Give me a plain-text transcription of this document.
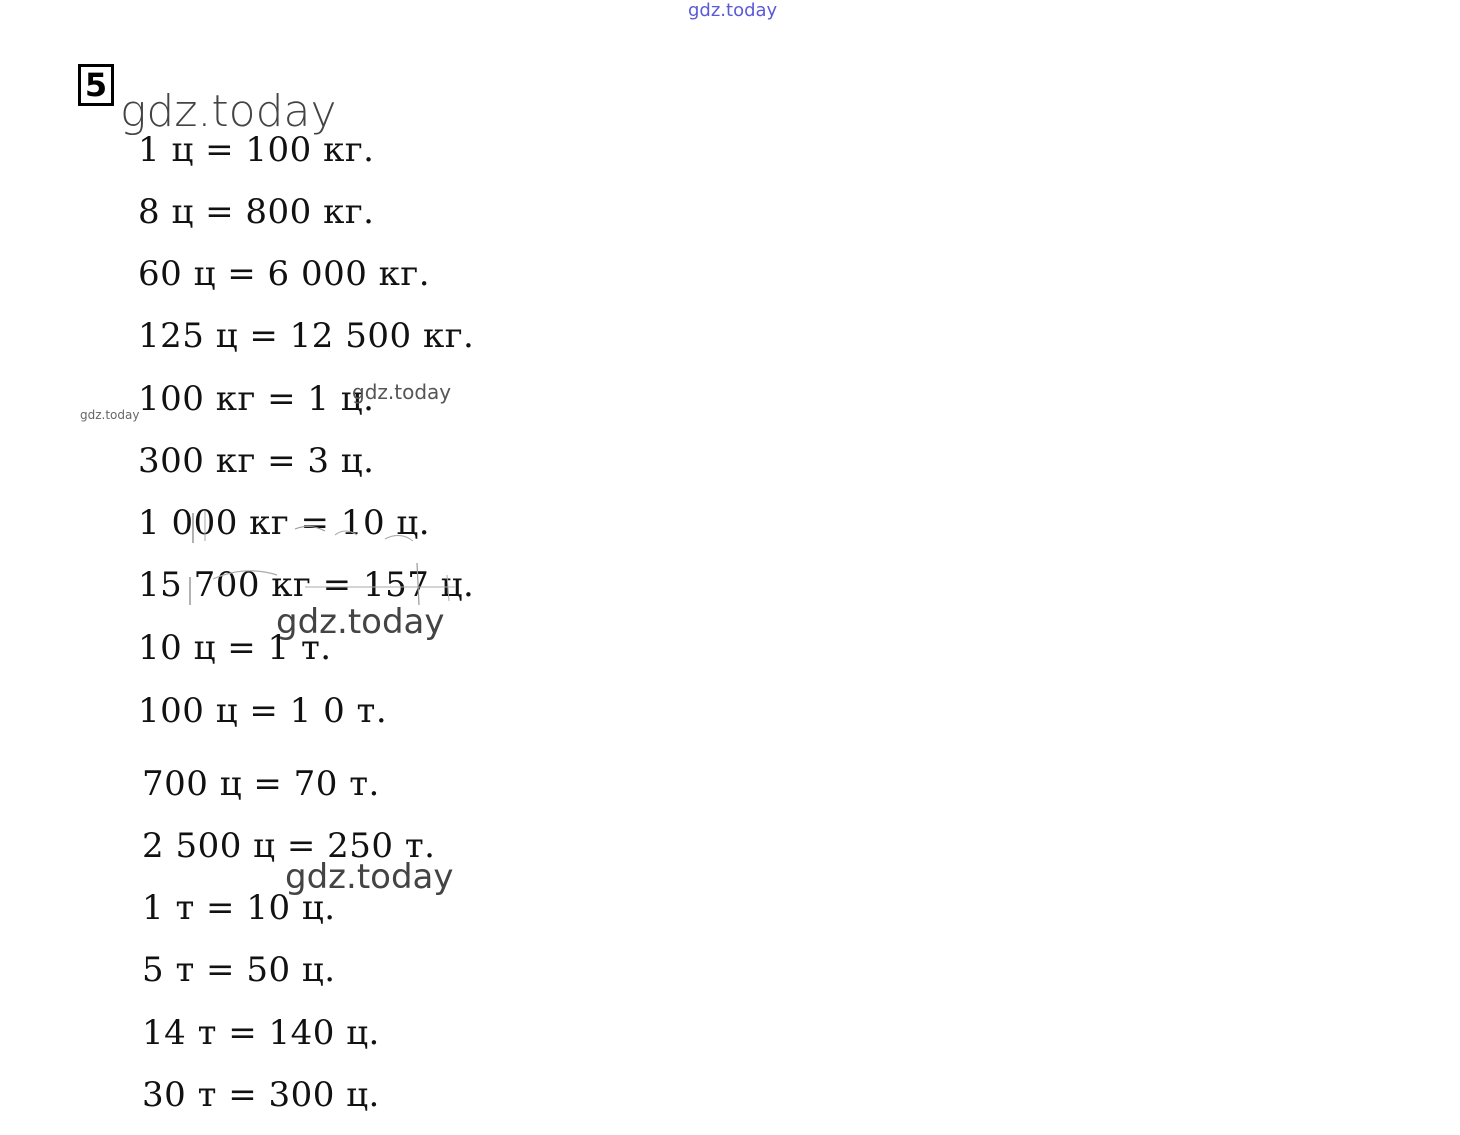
gdz.today
5
gdz.today
1 ц = 100 кг.
8 ц = 800 кг.
60 ц = 6 000 кг.
125 ц = 12 500 кг.
100 кг = 1 ц.
300 кг = 3 ц.
1 000 кг = 10 ц.
15 700 кг = 157 ц.
10 ц = 1 т.
100 ц = 1 0 т.
700 ц = 70 т.
2 500 ц = 250 т.
1 т = 10 ц.
5 т = 50 ц.
14 т = 140 ц.
30 т = 300 ц.
gdz.today
gdz.today
gdz.today
gdz.today
